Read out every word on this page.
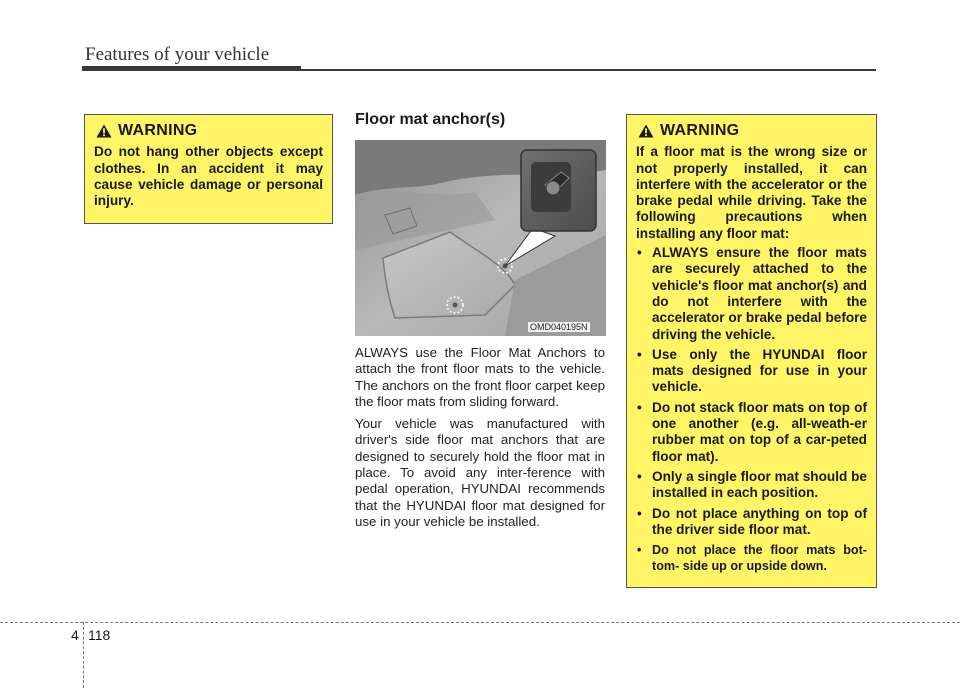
Features of your vehicle
WARNING
Do not hang other objects except clothes. In an accident it may cause vehicle damage or personal injury.
Floor mat anchor(s)
OMD040195N

ALWAYS use the Floor Mat Anchors to attach the front floor mats to the vehicle. The anchors on the front floor carpet keep the floor mats from sliding forward.

Your vehicle was manufactured with driver's side floor mat anchors that are designed to securely hold the floor mat in place. To avoid any inter-ference with pedal operation, HYUNDAI recommends that the HYUNDAI floor mat designed for use in your vehicle be installed.

WARNING
If a floor mat is the wrong size or not properly installed, it can interfere with the accelerator or the brake pedal while driving. Take the following precautions when installing any floor mat:
• ALWAYS ensure the floor mats are securely attached to the vehicle's floor mat anchor(s) and do not interfere with the accelerator or brake pedal before driving the vehicle.
• Use only the HYUNDAI floor mats designed for use in your vehicle.
• Do not stack floor mats on top of one another (e.g. all-weath-er rubber mat on top of a car-peted floor mat).
• Only a single floor mat should be installed in each position.
• Do not place anything on top of the driver side floor mat.
• Do not place the floor mats bot-tom- side up or upside down.
4 118
